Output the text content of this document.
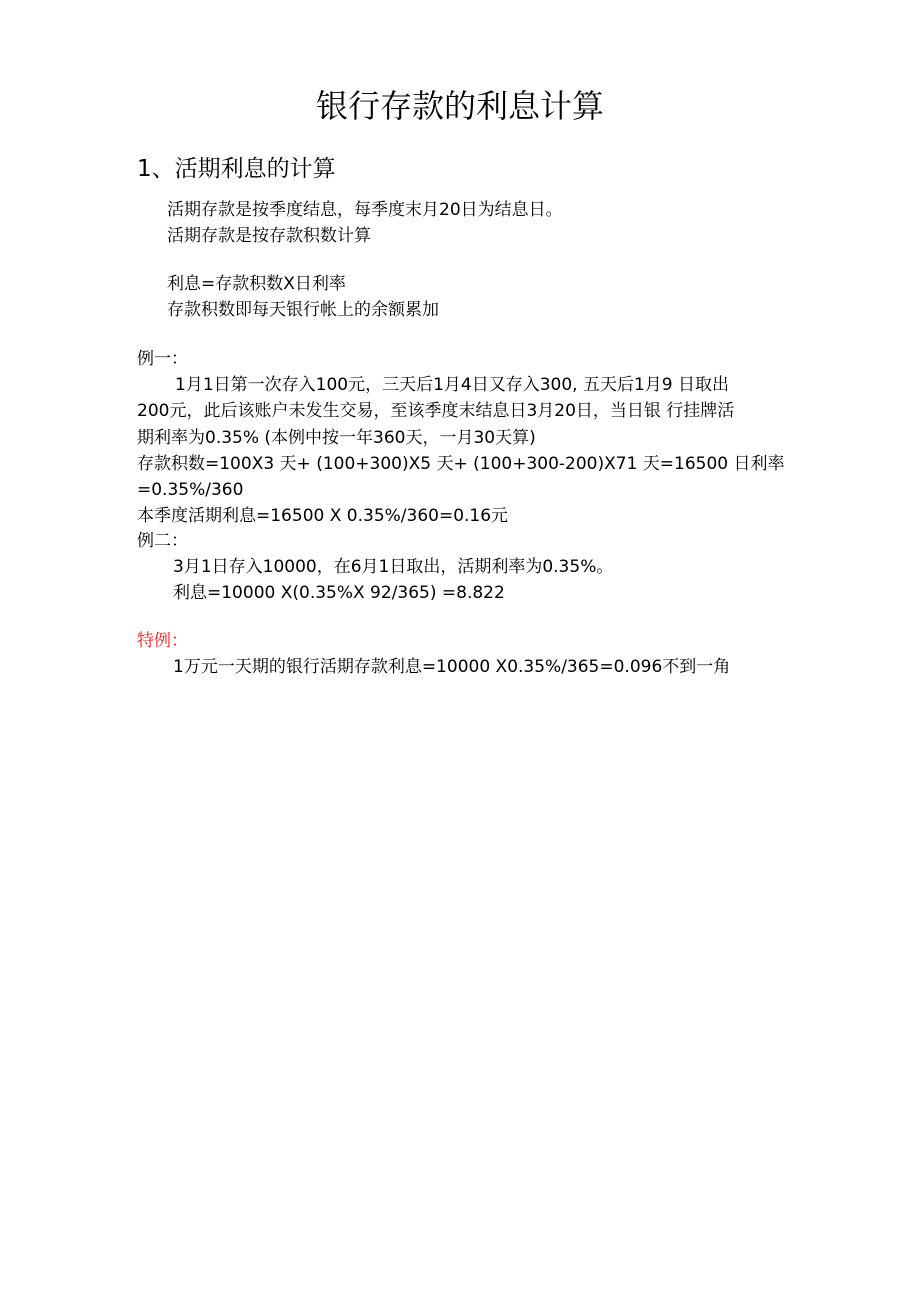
银行存款的利息计算
1、活期利息的计算
活期存款是按季度结息，每季度末月20日为结息日。
活期存款是按存款积数计算
利息=存款积数X日利率
存款积数即每天银行帐上的余额累加
例一：
1月1日第一次存入100元，三天后1月4日又存入300, 五天后1月9 日取出
200元，此后该账户未发生交易，至该季度末结息日3月20日，当日银 行挂牌活
期利率为0.35% (本例中按一年360天，一月30天算)
存款积数=100X3 天+ (100+300)X5 天+ (100+300-200)X71 天=16500 日利率
=0.35%/360
本季度活期利息=16500 X 0.35%/360=0.16元
例二：
3月1日存入10000，在6月1日取出，活期利率为0.35%。
利息=10000 X(0.35%X 92/365) =8.822
特例：
1万元一天期的银行活期存款利息=10000 X0.35%/365=0.096不到一角
